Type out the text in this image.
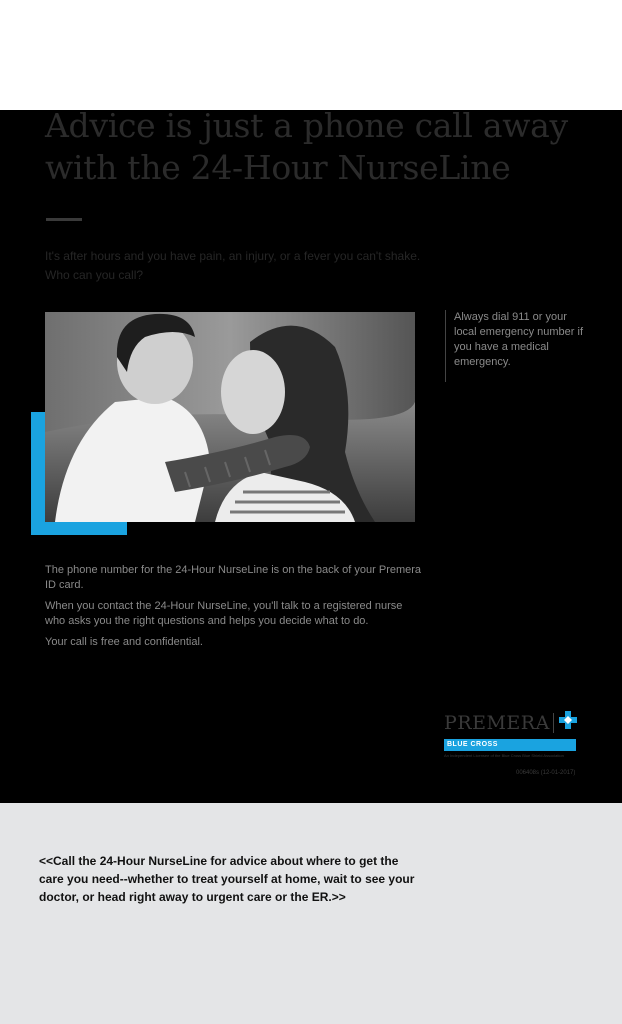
Advice is just a phone call away
with the 24-Hour NurseLine

It's after hours and you have pain, an injury, or a fever you can't shake. Who can you call?

Always dial 911 or your local emergency number if you have a medical emergency.

The phone number for the 24-Hour NurseLine is on the back of your Premera ID card.

When you contact the 24-Hour NurseLine, you'll talk to a registered nurse who asks you the right questions and helps you decide what to do.

Your call is free and confidential.

PREMERA
BLUE CROSS
An Independent Licensee of the Blue Cross Blue Shield Association
006408s (12-01-2017)

<<Call the 24-Hour NurseLine for advice about where to get the care you need--whether to treat yourself at home, wait to see your doctor, or head right away to urgent care or the ER.>>
